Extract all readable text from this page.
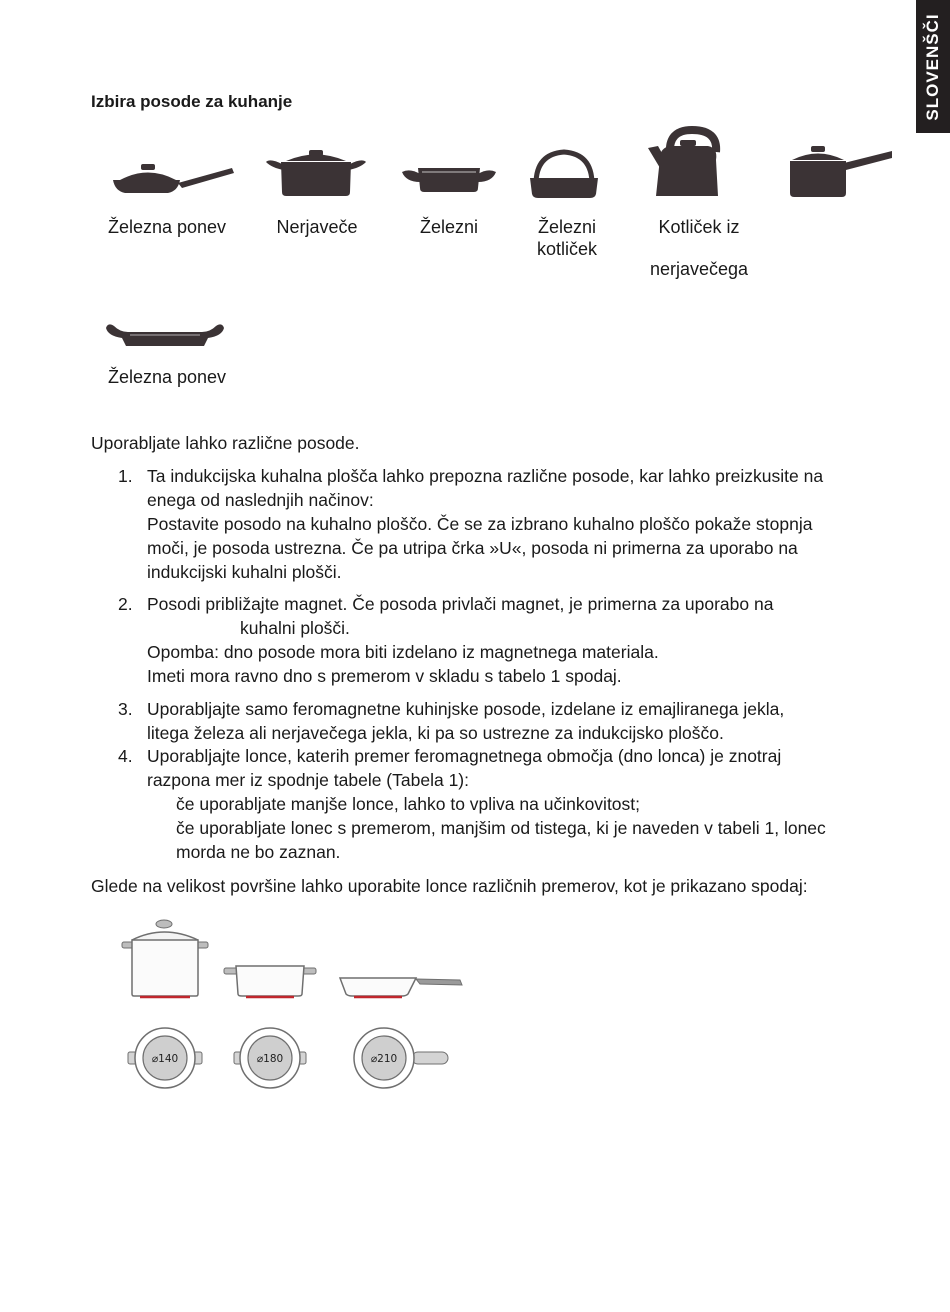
SLOVENŠČI
Izbira posode za kuhanje
Železna ponev	Nerjaveče	Železni	Železni
kotliček
Kotliček iz
nerjavečega
Železna ponev
Uporabljate lahko različne posode.
1. Ta indukcijska kuhalna plošča lahko prepozna različne posode, kar lahko preizkusite na
enega od naslednjih načinov:
Postavite posodo na kuhalno ploščo. Če se za izbrano kuhalno ploščo pokaže stopnja
moči, je posoda ustrezna. Če pa utripa črka »U«, posoda ni primerna za uporabo na
indukcijski kuhalni plošči.
2. Posodi približajte magnet. Če posoda privlači magnet, je primerna za uporabo na
kuhalni plošči.
Opomba: dno posode mora biti izdelano iz magnetnega materiala.
Imeti mora ravno dno s premerom v skladu s tabelo 1 spodaj.
3. Uporabljajte samo feromagnetne kuhinjske posode, izdelane iz emajliranega jekla,
litega železa ali nerjavečega jekla, ki pa so ustrezne za indukcijsko ploščo.
4. Uporabljajte lonce, katerih premer feromagnetnega območja (dno lonca) je znotraj
razpona mer iz spodnje tabele (Tabela 1):
če uporabljate manjše lonce, lahko to vpliva na učinkovitost;
če uporabljate lonec s premerom, manjšim od tistega, ki je naveden v tabeli 1, lonec
morda ne bo zaznan.
Glede na velikost površine lahko uporabite lonce različnih premerov, kot je prikazano spodaj:
⌀140	⌀180	⌀210
